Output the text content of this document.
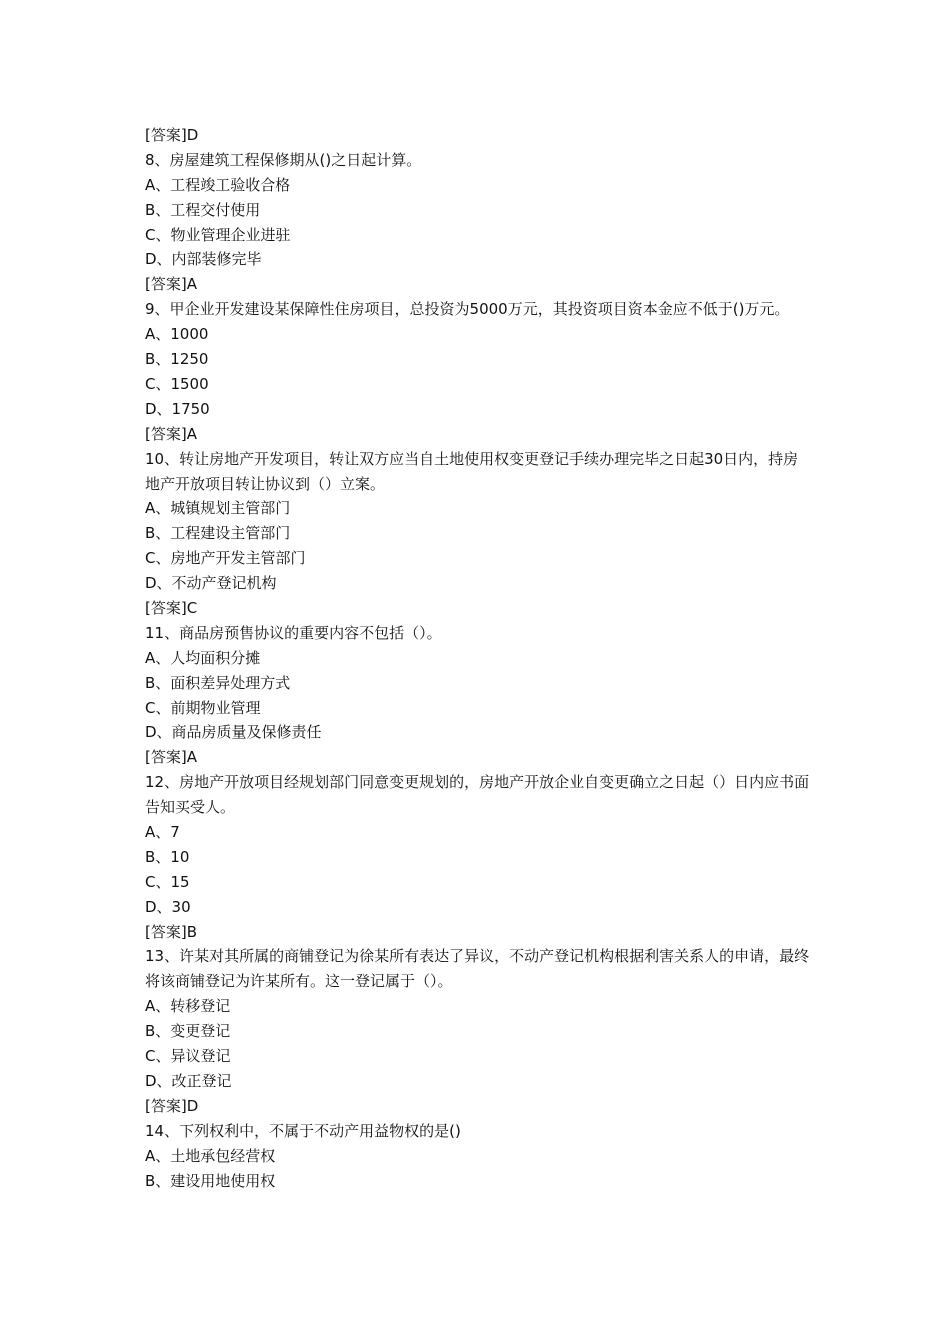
[答案]D
8、房屋建筑工程保修期从()之日起计算。
A、工程竣工验收合格
B、工程交付使用
C、物业管理企业进驻
D、内部装修完毕
[答案]A
9、甲企业开发建设某保障性住房项目，总投资为5000万元，其投资项目资本金应不低于()万元。
A、1000
B、1250
C、1500
D、1750
[答案]A
10、转让房地产开发项目，转让双方应当自土地使用权变更登记手续办理完毕之日起30日内，持房地产开放项目转让协议到（）立案。
A、城镇规划主管部门
B、工程建设主管部门
C、房地产开发主管部门
D、不动产登记机构
[答案]C
11、商品房预售协议的重要内容不包括（）。
A、人均面积分摊
B、面积差异处理方式
C、前期物业管理
D、商品房质量及保修责任
[答案]A
12、房地产开放项目经规划部门同意变更规划的，房地产开放企业自变更确立之日起（）日内应书面告知买受人。
A、7
B、10
C、15
D、30
[答案]B
13、许某对其所属的商铺登记为徐某所有表达了异议，不动产登记机构根据利害关系人的申请，最终将该商铺登记为许某所有。这一登记属于（）。
A、转移登记
B、变更登记
C、异议登记
D、改正登记
[答案]D
14、下列权利中，不属于不动产用益物权的是()
A、土地承包经营权
B、建设用地使用权
